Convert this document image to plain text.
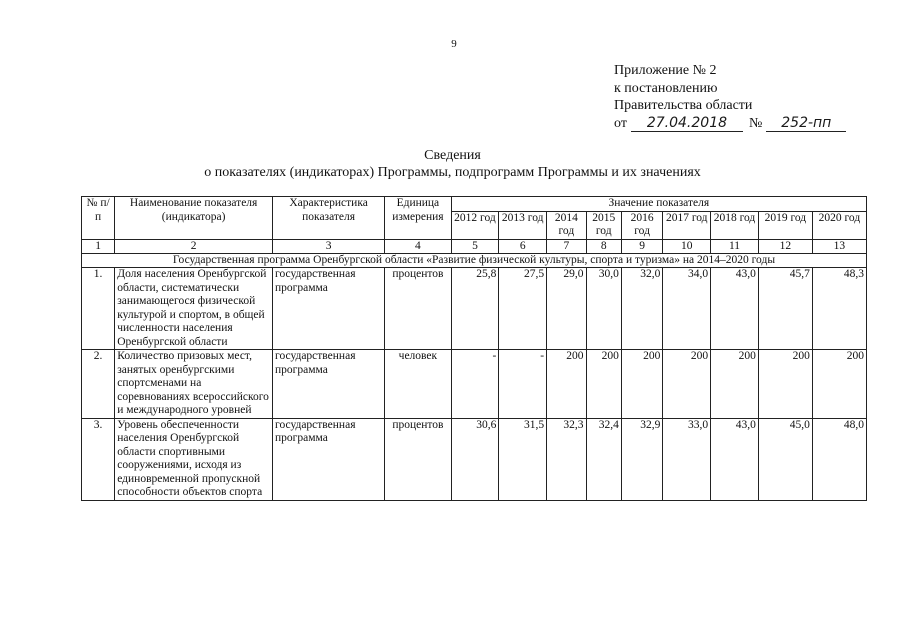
9
Приложение № 2
к постановлению
Правительства области
от	27.04.2018	№	252-пп
Сведения
о показателях (индикаторах) Программы, подпрограмм Программы и их значениях
№ п/п	Наименование показателя (индикатора)	Характеристика показателя	Единица измерения	Значение показателя								
				2012 год	2013 год	2014 год	2015 год	2016 год	2017 год	2018 год	2019 год	2020 год
1	2	3	4	5	6	7	8	9	10	11	12	13
Государственная программа Оренбургской области «Развитие физической культуры, спорта и туризма» на 2014–2020 годы												
1.	Доля населения Оренбургской области, систематически занимающегося физической культурой и спортом, в общей численности населения Оренбургской области	государственная программа	процентов	25,8	27,5	29,0	30,0	32,0	34,0	43,0	45,7	48,3
2.	Количество призовых мест, занятых оренбургскими спортсменами на соревнованиях всероссийского и международного уровней	государственная программа	человек	-	-	200	200	200	200	200	200	200
3.	Уровень обеспеченности населения Оренбургской области спортивными сооружениями, исходя из единовременной пропускной способности объектов спорта	государственная программа	процентов	30,6	31,5	32,3	32,4	32,9	33,0	43,0	45,0	48,0
